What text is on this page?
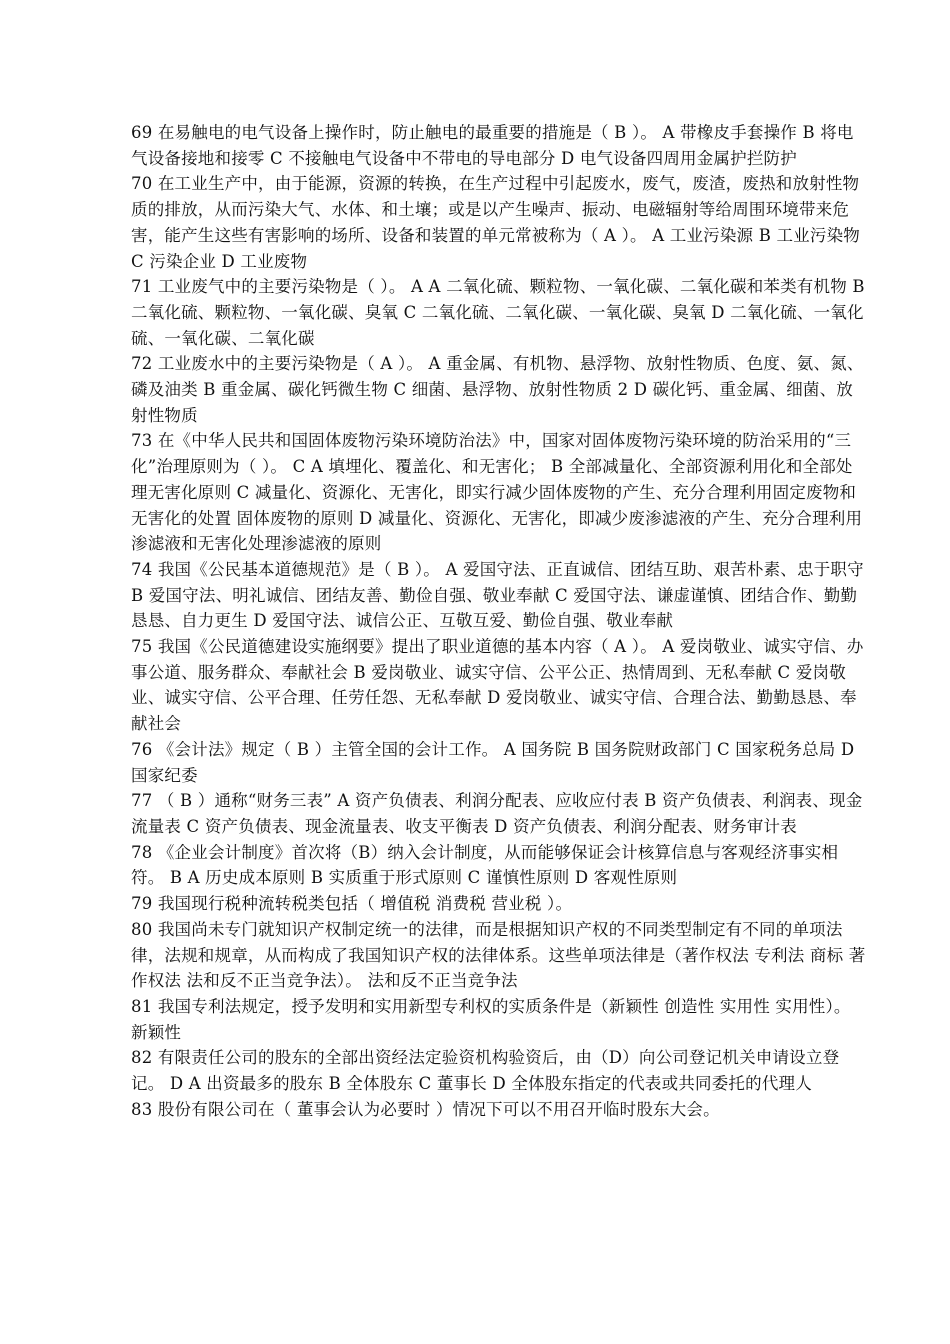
69 在易触电的电气设备上操作时，防止触电的最重要的措施是（ B ）。 A 带橡皮手套操作 B 将电气设备接地和接零 C 不接触电气设备中不带电的导电部分 D 电气设备四周用金属护拦防护

70 在工业生产中，由于能源，资源的转换，在生产过程中引起废水，废气，废渣，废热和放射性物 质的排放，从而污染大气、水体、和土壤；或是以产生噪声、振动、电磁辐射等给周围环境带来危 害，能产生这些有害影响的场所、设备和装置的单元常被称为（ A ）。 A 工业污染源 B 工业污染物 C 污染企业 D 工业废物

71 工业废气中的主要污染物是（ ）。 A A 二氧化硫、颗粒物、一氧化碳、二氧化碳和苯类有机物 B 二氧化硫、颗粒物、一氧化碳、臭氧 C 二氧化硫、二氧化碳、一氧化碳、臭氧 D 二氧化硫、一氧化硫、一氧化碳、二氧化碳

72 工业废水中的主要污染物是（ A ）。 A 重金属、有机物、悬浮物、放射性物质、色度、氨、氮、磷及油类 B 重金属、碳化钙微生物 C 细菌、悬浮物、放射性物质 2 D 碳化钙、重金属、细菌、放射性物质

73 在《中华人民共和国固体废物污染环境防治法》中，国家对固体废物污染环境的防治采用的“三 化”治理原则为（ ）。 C A 填埋化、覆盖化、和无害化； B 全部减量化、全部资源利用化和全部处理无害化原则 C 减量化、资源化、无害化，即实行减少固体废物的产生、充分合理利用固定废物和无害化的处置 固体废物的原则 D 减量化、资源化、无害化，即减少废渗滤液的产生、充分合理利用渗滤液和无害化处理渗滤液的原则

74 我国《公民基本道德规范》是（ B ）。 A 爱国守法、正直诚信、团结互助、艰苦朴素、忠于职守 B 爱国守法、明礼诚信、团结友善、勤俭自强、敬业奉献 C 爱国守法、谦虚谨慎、团结合作、勤勤恳恳、自力更生 D 爱国守法、诚信公正、互敬互爱、勤俭自强、敬业奉献

75 我国《公民道德建设实施纲要》提出了职业道德的基本内容（ A ）。 A 爱岗敬业、诚实守信、办事公道、服务群众、奉献社会 B 爱岗敬业、诚实守信、公平公正、热情周到、无私奉献 C 爱岗敬业、诚实守信、公平合理、任劳任怨、无私奉献 D 爱岗敬业、诚实守信、合理合法、勤勤恳恳、奉献社会

76 《会计法》规定（ B ）主管全国的会计工作。 A 国务院 B 国务院财政部门 C 国家税务总局 D 国家纪委

77 （ B ）通称“财务三表” A 资产负债表、利润分配表、应收应付表 B 资产负债表、利润表、现金流量表 C 资产负债表、现金流量表、收支平衡表 D 资产负债表、利润分配表、财务审计表

78 《企业会计制度》首次将（B）纳入会计制度，从而能够保证会计核算信息与客观经济事实相符。 B A 历史成本原则 B 实质重于形式原则 C 谨慎性原则 D 客观性原则

79 我国现行税种流转税类包括（ 增值税 消费税 营业税 ）。

80 我国尚未专门就知识产权制定统一的法律，而是根据知识产权的不同类型制定有不同的单项法 律，法规和规章，从而构成了我国知识产权的法律体系。这些单项法律是（著作权法 专利法 商标 著作权法 法和反不正当竞争法）。 法和反不正当竞争法

81 我国专利法规定，授予发明和实用新型专利权的实质条件是（新颖性 创造性 实用性 实用性）。 新颖性

82 有限责任公司的股东的全部出资经法定验资机构验资后，由（D）向公司登记机关申请设立登记。 D A 出资最多的股东 B 全体股东 C 董事长 D 全体股东指定的代表或共同委托的代理人

83 股份有限公司在（ 董事会认为必要时 ）情况下可以不用召开临时股东大会。
